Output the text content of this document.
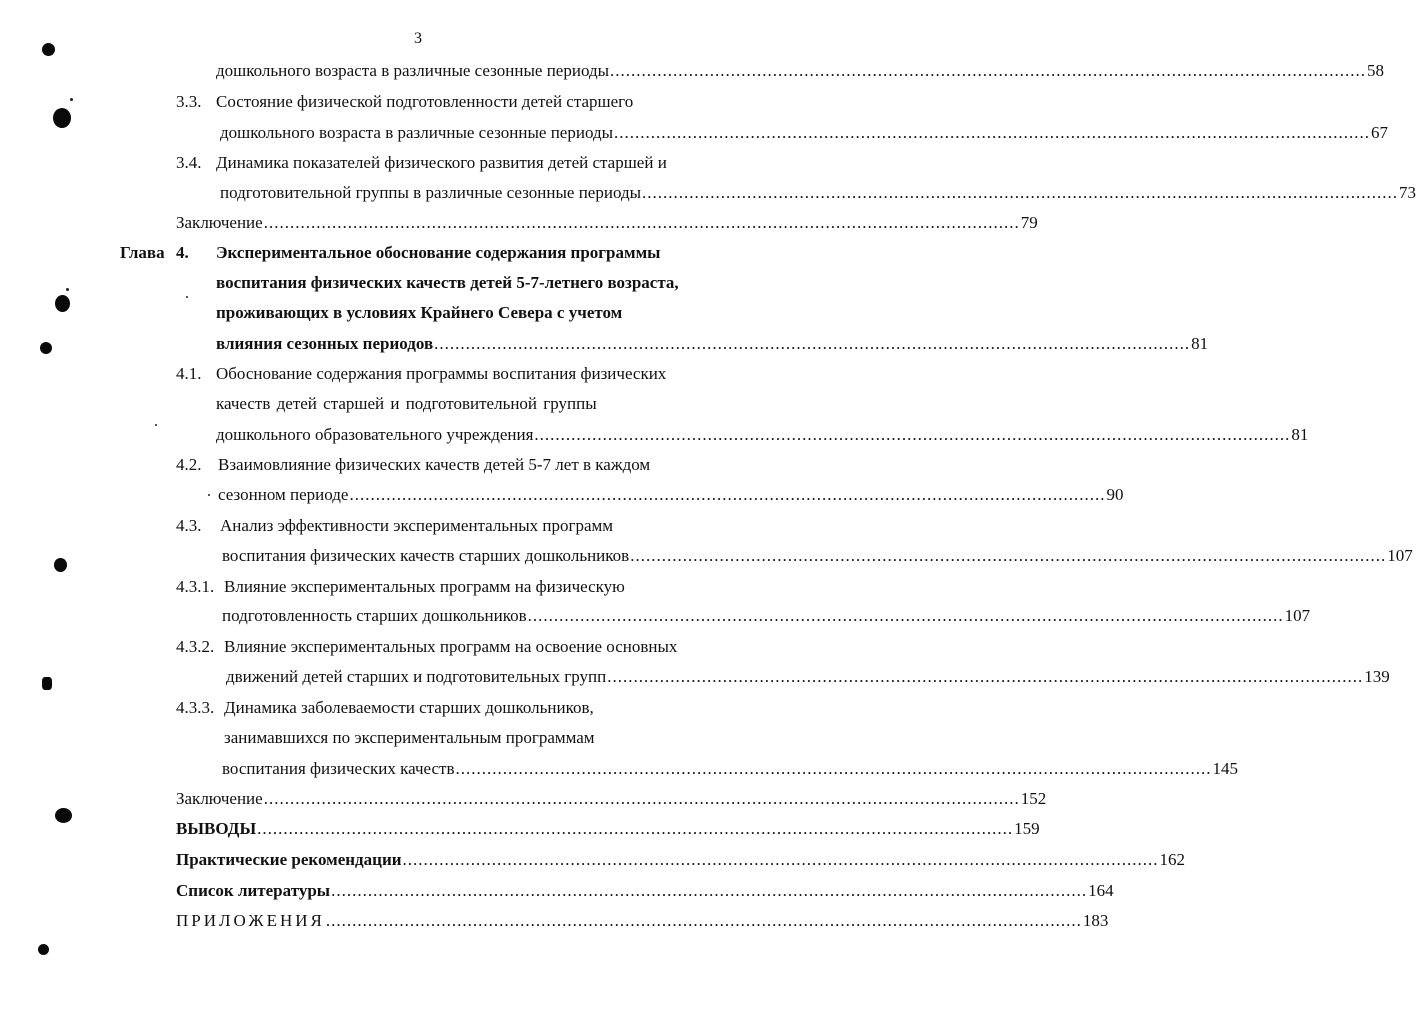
3
дошкольного возраста в различные сезонные периоды ................................................................................................................................................ 58
3.3. Состояние физической подготовленности детей старшего
дошкольного возраста в различные сезонные периоды ................................................................................................................................................ 67
3.4. Динамика показателей физического развития детей старшей и
подготовительной группы в различные сезонные периоды ................................................................................................................................................ 73
Заключение ................................................................................................................................................ 79
Глава 4. Экспериментальное обоснование содержания программы
воспитания физических качеств детей 5-7-летнего возраста,
проживающих в условиях Крайнего Севера с учетом
влияния сезонных периодов ................................................................................................................................................ 81
4.1. Обоснование содержания программы воспитания физических
качеств детей старшей и подготовительной группы
дошкольного образовательного учреждения ................................................................................................................................................ 81
4.2. Взаимовлияние физических качеств детей 5-7 лет в каждом
сезонном периоде ................................................................................................................................................ 90
4.3. Анализ эффективности экспериментальных программ
воспитания физических качеств старших дошкольников ................................................................................................................................................ 107
4.3.1. Влияние экспериментальных программ на физическую
подготовленность старших дошкольников ................................................................................................................................................ 107
4.3.2. Влияние экспериментальных программ на освоение основных
движений детей старших и подготовительных групп ................................................................................................................................................ 139
4.3.3. Динамика заболеваемости старших дошкольников,
занимавшихся по экспериментальным программам
воспитания физических качеств ................................................................................................................................................ 145
Заключение ................................................................................................................................................ 152
ВЫВОДЫ ................................................................................................................................................ 159
Практические рекомендации ................................................................................................................................................ 162
Список литературы ................................................................................................................................................ 164
ПРИЛОЖЕНИЯ ................................................................................................................................................ 183
